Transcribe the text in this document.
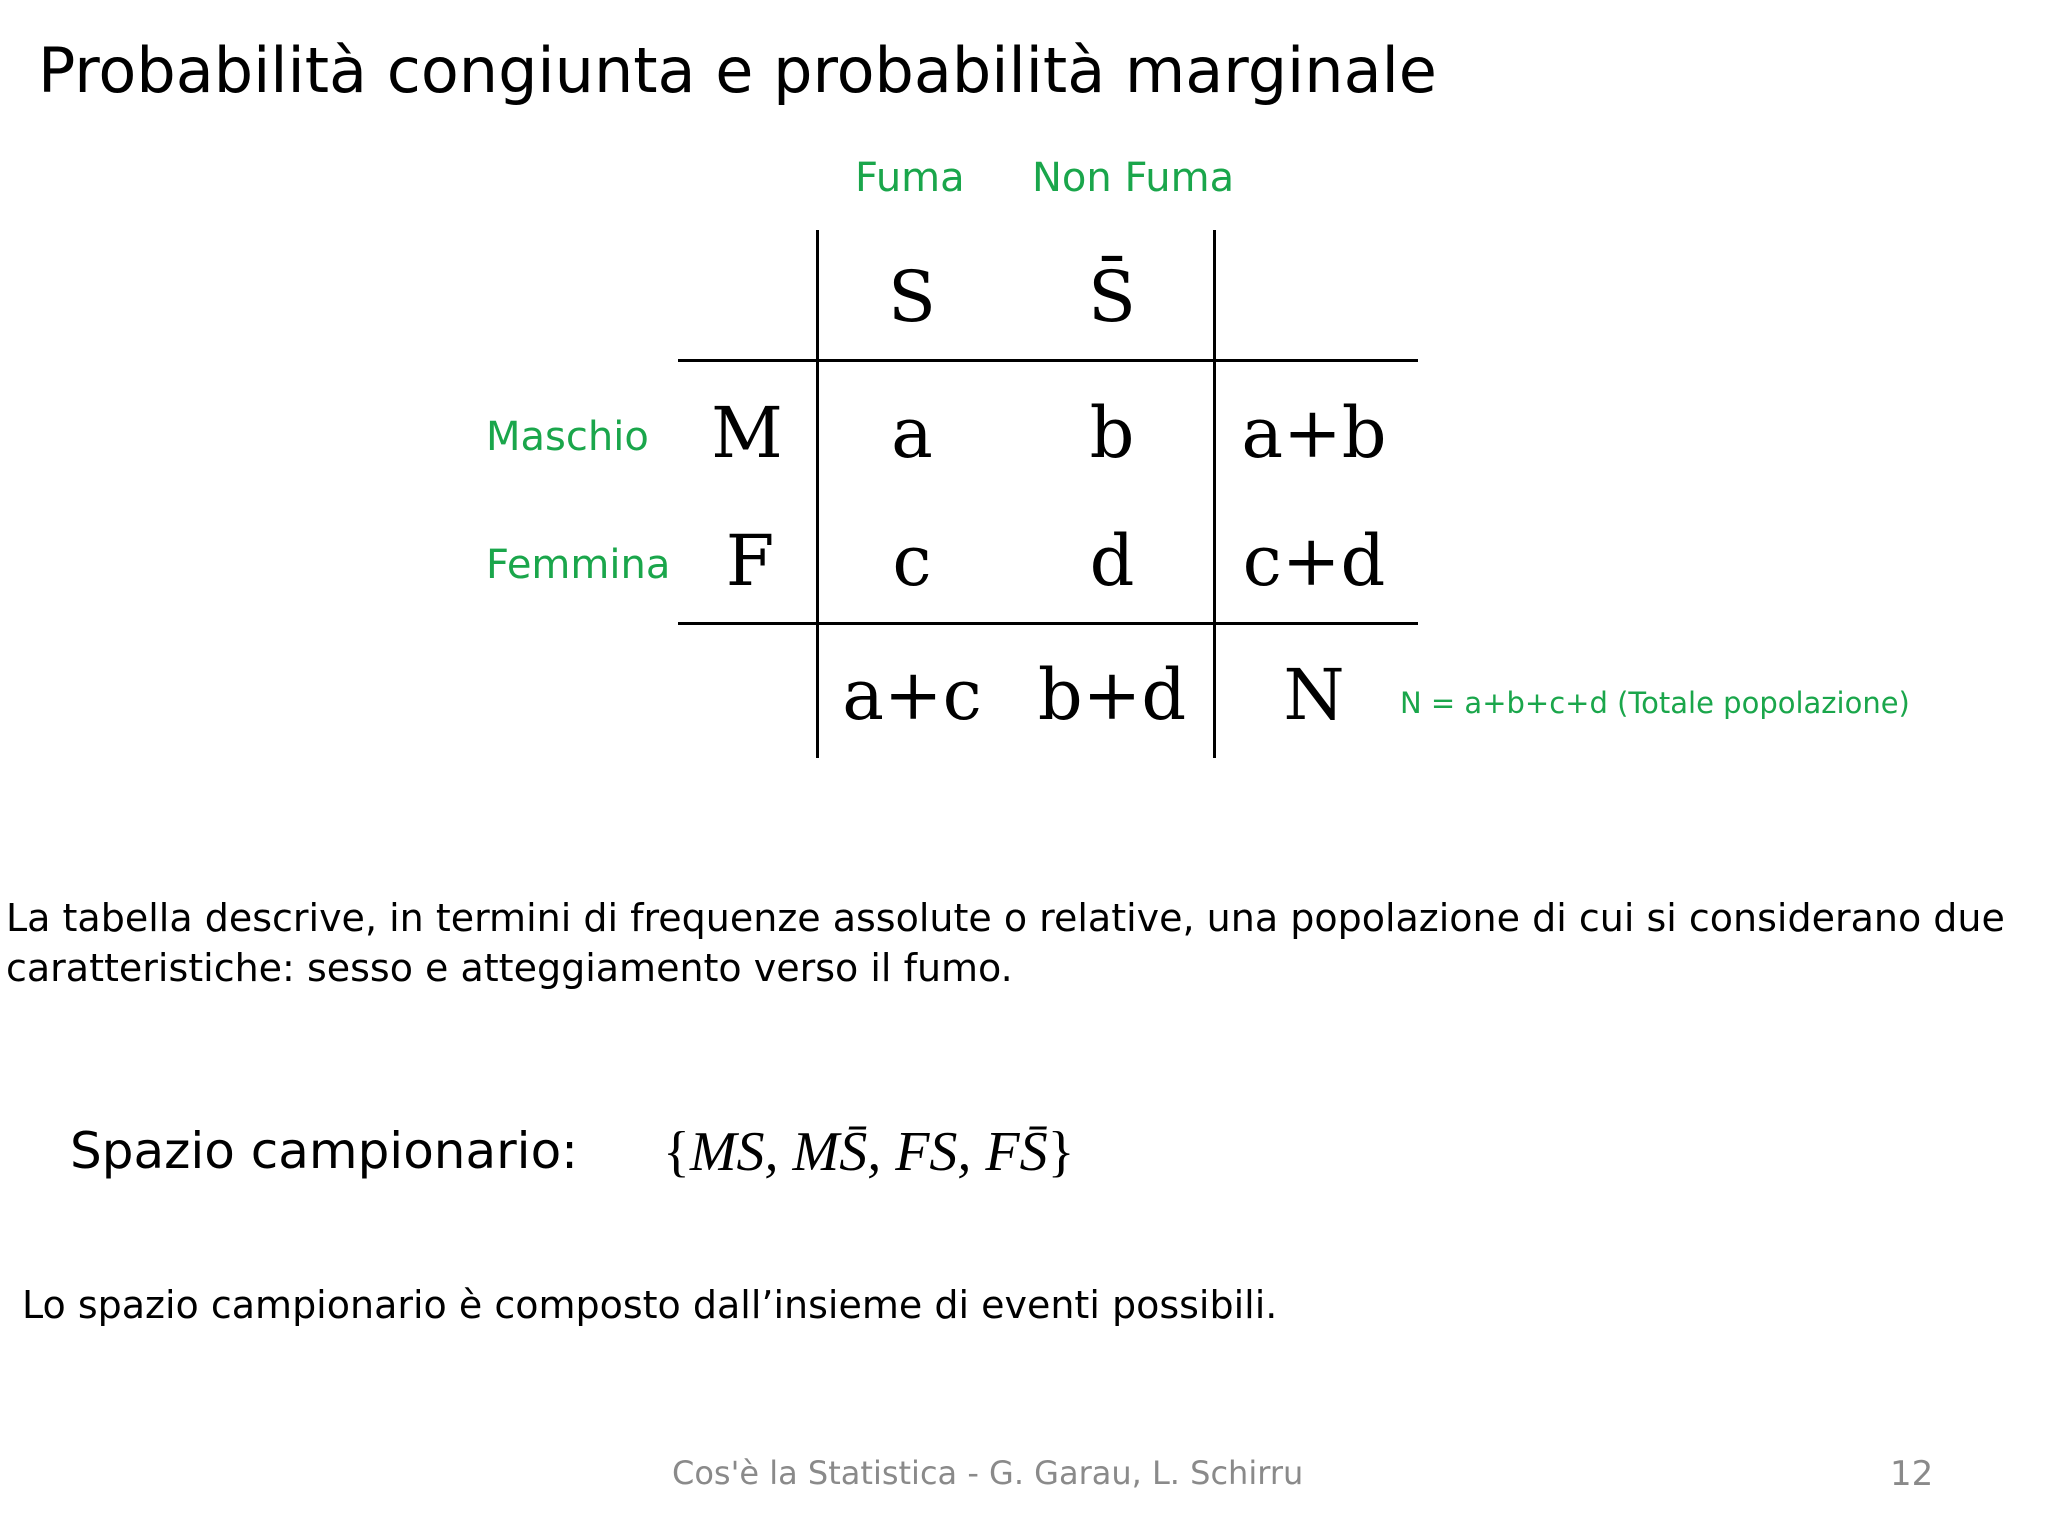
Probabilità congiunta e probabilità marginale
Fuma Non Fuma
Maschio
Femmina
S S̄
M a b a+b
F c d c+d
a+c b+d N N = a+b+c+d (Totale popolazione)
La tabella descrive, in termini di frequenze assolute o relative, una popolazione di cui si considerano due caratteristiche: sesso e atteggiamento verso il fumo.
Spazio campionario: {MS, MS̄, FS, FS̄}
Lo spazio campionario è composto dall’insieme di eventi possibili.
Cos'è la Statistica - G. Garau, L. Schirru	12
